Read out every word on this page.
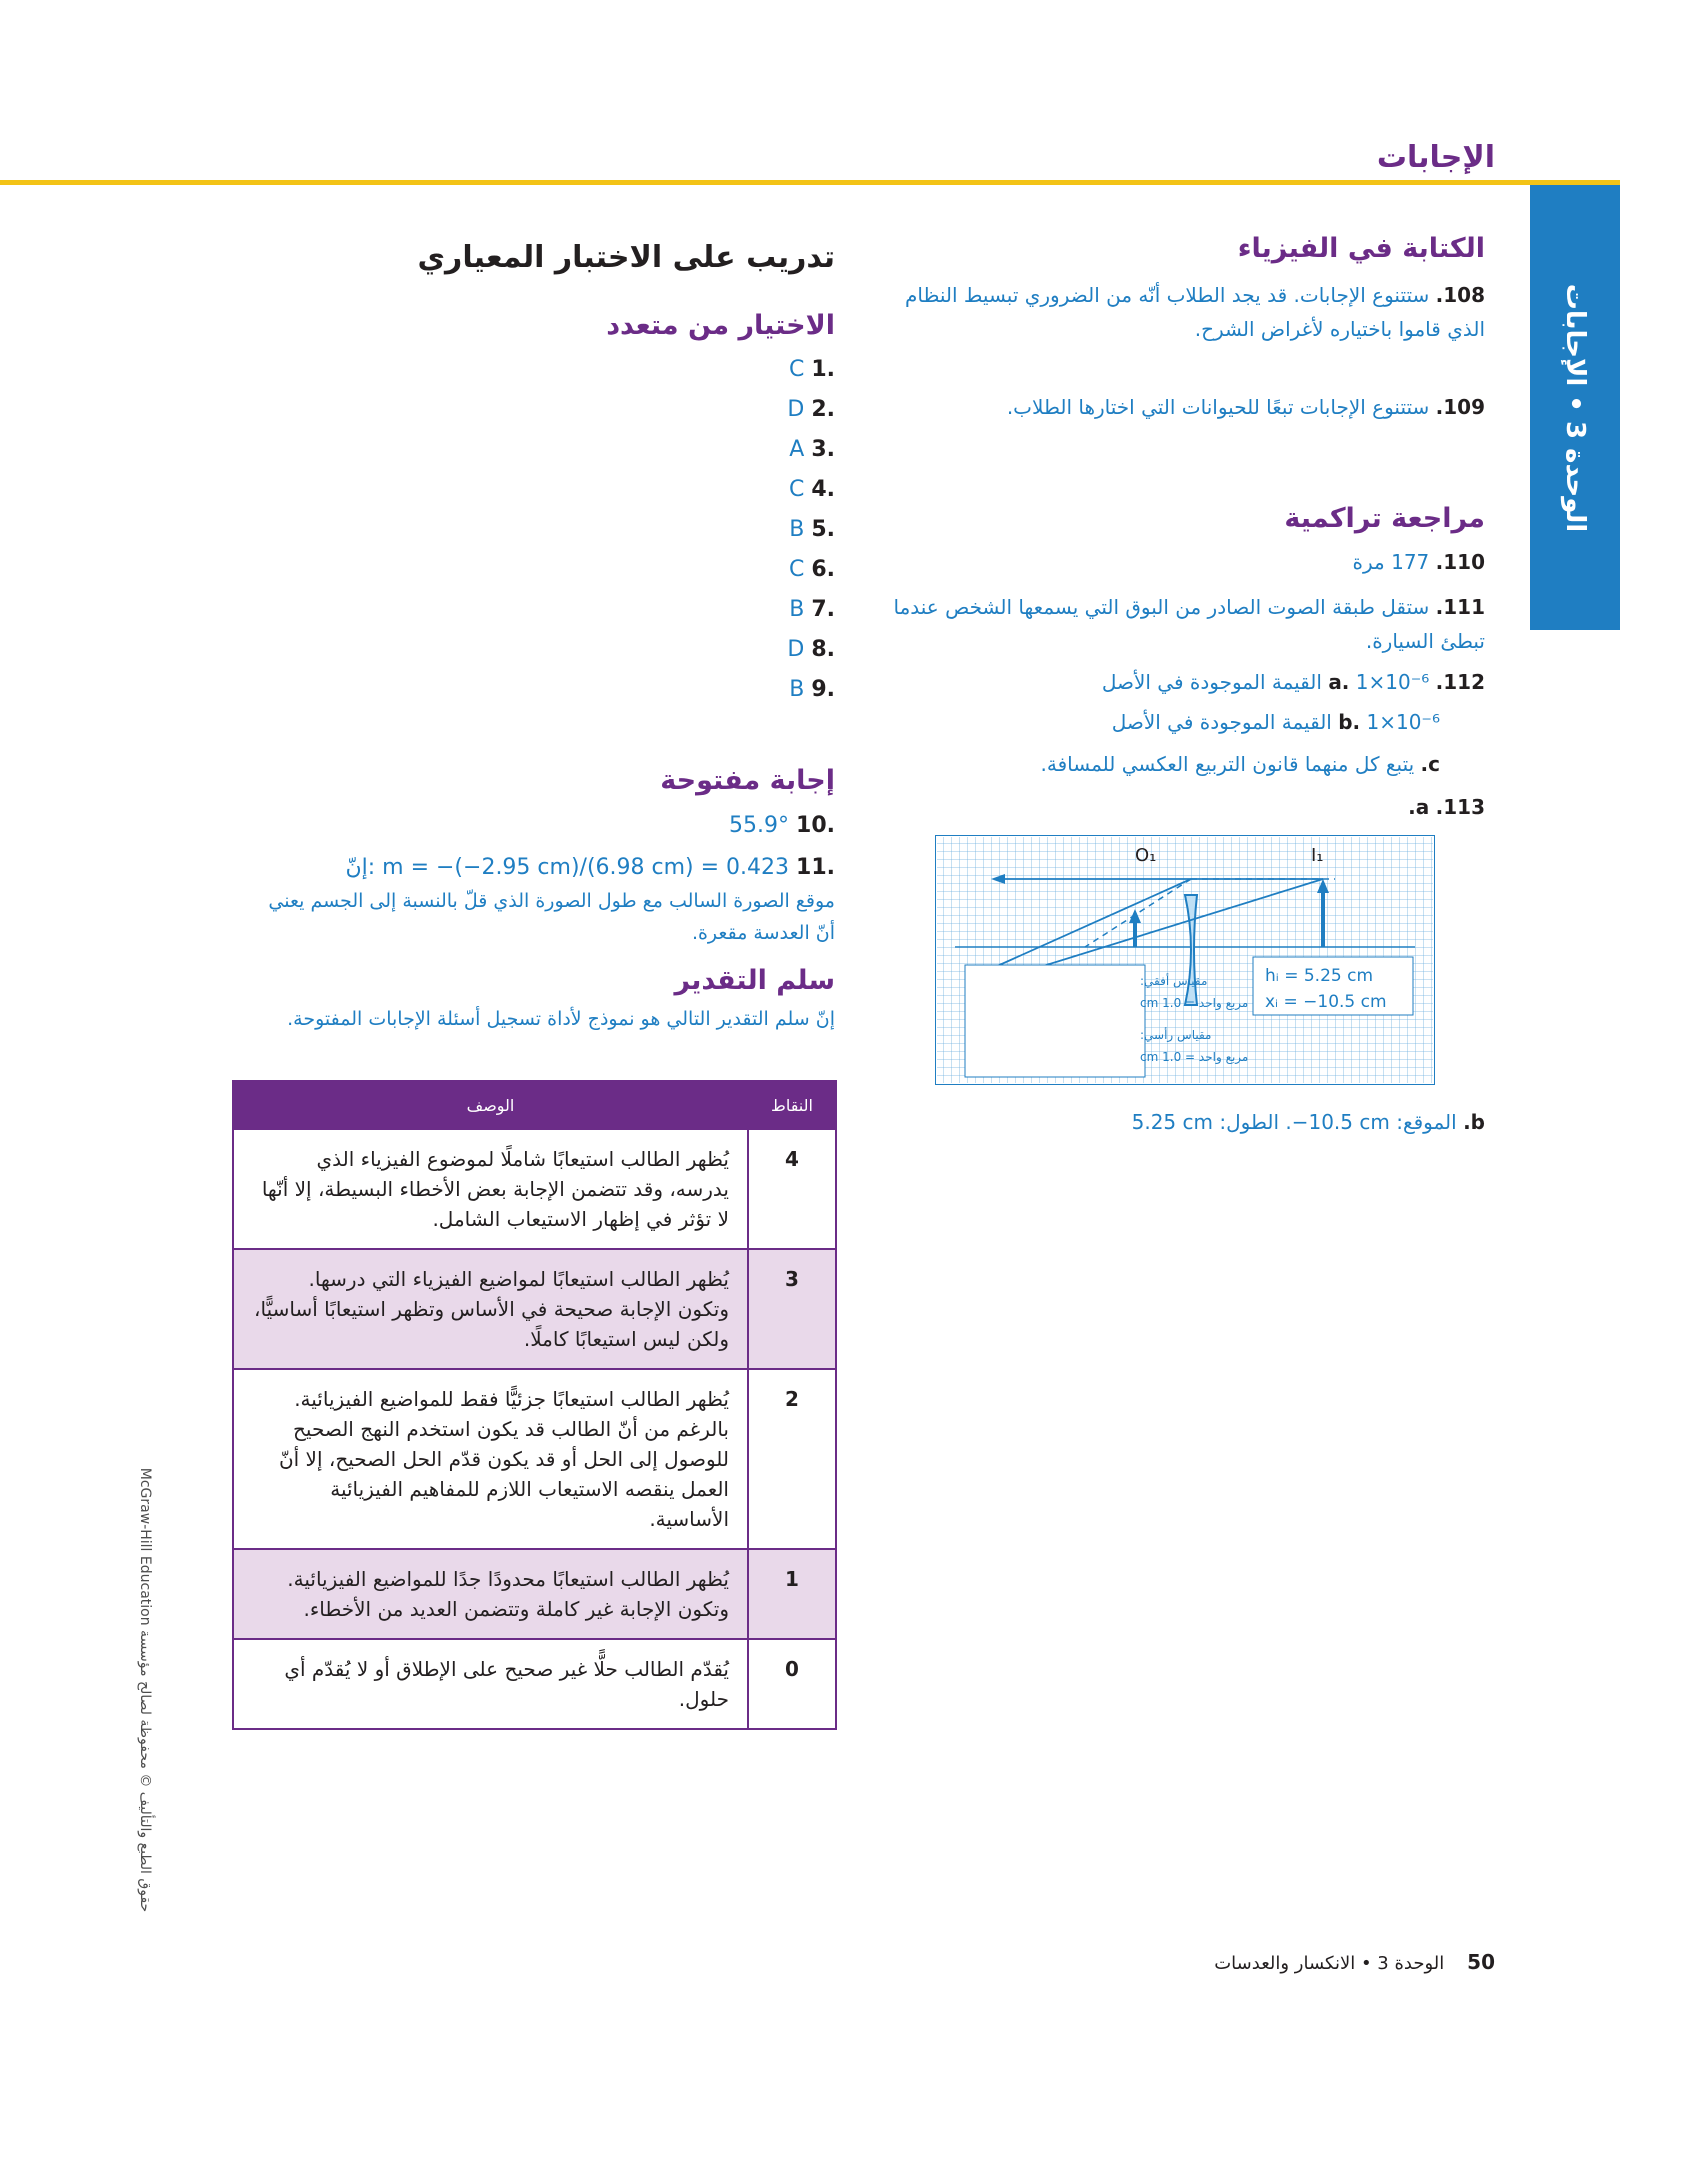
الإجابات
الوحدة 3 • الإجابات
الكتابة في الفيزياء
108. ستتنوع الإجابات. قد يجد الطلاب أنّه من الضروري تبسيط النظام الذي قاموا باختياره لأغراض الشرح.
109. ستتنوع الإجابات تبعًا للحيوانات التي اختارها الطلاب.
مراجعة تراكمية
110. 177 مرة
111. ستقل طبقة الصوت الصادر من البوق التي يسمعها الشخص عندما تبطئ السيارة.
112. a. 1×10⁻⁶ القيمة الموجودة في الأصل
b. 1×10⁻⁶ القيمة الموجودة في الأصل
c. يتبع كل منهما قانون التربيع العكسي للمسافة.
113. a.
O₁	I₁
مقياس أفقي:
مربع واحد = 1.0 cm
مقياس رأسي:
مربع واحد = 1.0 cm
hᵢ = 5.25 cm
xᵢ = −10.5 cm
b. الموقع: ‎−10.5 cm‎. الطول: ‎5.25 cm
تدريب على الاختبار المعياري
الاختيار من متعدد
.1 C
.2 D
.3 A
.4 C
.5 B
.6 C
.7 B
.8 D
.9 B
إجابة مفتوحة
.10 55.9°
.11 m = −(−2.95 cm)/(6.98 cm) = 0.423 :إنّ
موقع الصورة السالب مع طول الصورة الذي قلّ بالنسبة إلى الجسم يعني أنّ العدسة مقعرة.
سلم التقدير
إنّ سلم التقدير التالي هو نموذج لأداة تسجيل أسئلة الإجابات المفتوحة.
النقاط	الوصف
4	يُظهر الطالب استيعابًا شاملًا لموضوع الفيزياء الذي يدرسه، وقد تتضمن الإجابة بعض الأخطاء البسيطة، إلا أنّها لا تؤثر في إظهار الاستيعاب الشامل.
3	يُظهر الطالب استيعابًا لمواضيع الفيزياء التي درسها. وتكون الإجابة صحيحة في الأساس وتظهر استيعابًا أساسيًّا، ولكن ليس استيعابًا كاملًا.
2	يُظهر الطالب استيعابًا جزئيًّا فقط للمواضيع الفيزيائية. بالرغم من أنّ الطالب قد يكون استخدم النهج الصحيح للوصول إلى الحل أو قد يكون قدّم الحل الصحيح، إلا أنّ العمل ينقصه الاستيعاب اللازم للمفاهيم الفيزيائية الأساسية.
1	يُظهر الطالب استيعابًا محدودًا جدًا للمواضيع الفيزيائية. وتكون الإجابة غير كاملة وتتضمن العديد من الأخطاء.
0	يُقدّم الطالب حلًّا غير صحيح على الإطلاق أو لا يُقدّم أي حلول.
حقوق الطبع والتأليف © محفوظة لصالح مؤسسة McGraw-Hill Education
50    الوحدة 3 • الانكسار والعدسات
